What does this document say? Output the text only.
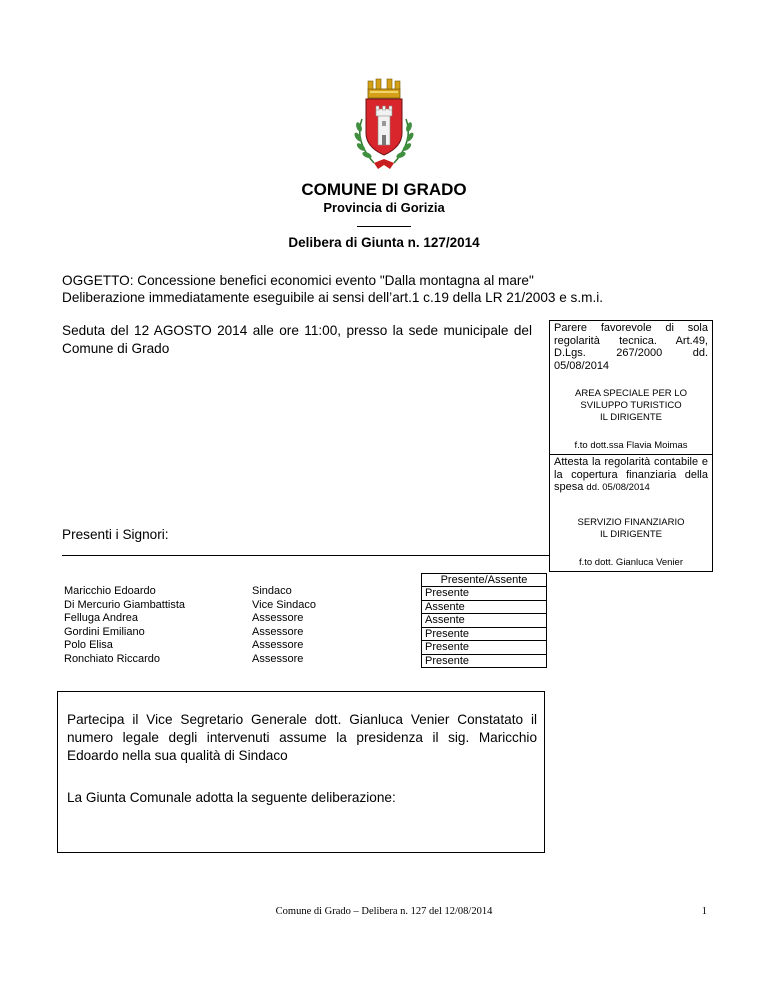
COMUNE DI GRADO
Provincia di Gorizia
Delibera di Giunta n. 127/2014
OGGETTO: Concessione benefici economici evento "Dalla montagna al mare"
Deliberazione immediatamente eseguibile ai sensi dell’art.1 c.19 della LR 21/2003 e s.m.i.
Seduta del 12 AGOSTO 2014 alle ore 11:00, presso la sede municipale del Comune di Grado
Parere favorevole di sola regolarità tecnica. Art.49, D.Lgs. 267/2000 dd. 05/08/2014
AREA SPECIALE PER LO
SVILUPPO TURISTICO
IL DIRIGENTE
f.to dott.ssa Flavia Moimas
Attesta la regolarità contabile e la copertura finanziaria della spesa dd. 05/08/2014
SERVIZIO FINANZIARIO
IL DIRIGENTE
f.to dott. Gianluca Venier
Presenti i Signori:
Maricchio Edoardo
Di Mercurio Giambattista
Felluga Andrea
Gordini Emiliano
Polo Elisa
Ronchiato Riccardo
Sindaco
Vice Sindaco
Assessore
Assessore
Assessore
Assessore
Presente/Assente
Presente
Assente
Assente
Presente
Presente
Presente
Partecipa il Vice Segretario Generale dott. Gianluca Venier Constatato il numero legale degli intervenuti assume la presidenza il sig. Maricchio Edoardo nella sua qualità di Sindaco
La Giunta Comunale adotta la seguente deliberazione:
Comune di Grado – Delibera n. 127 del 12/08/2014	1
